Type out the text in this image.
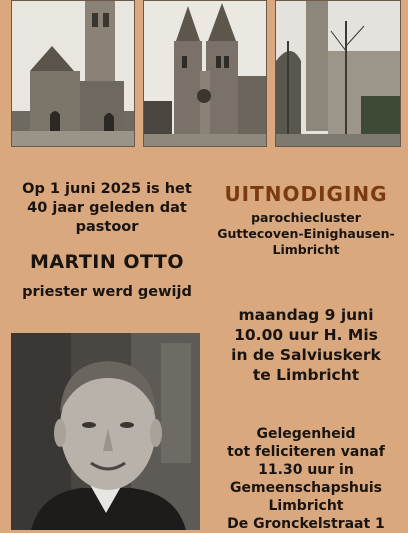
Op 1 juni 2025 is het
40 jaar geleden dat
pastoor
MARTIN OTTO
priester werd gewijd
UITNODIGING
parochiecluster
Guttecoven-Einighausen-
Limbricht
maandag 9 juni
10.00 uur H. Mis
in de Salviuskerk
te Limbricht
Gelegenheid
tot feliciteren vanaf
11.30 uur in
Gemeenschapshuis
Limbricht
De Gronckelstraat 1
